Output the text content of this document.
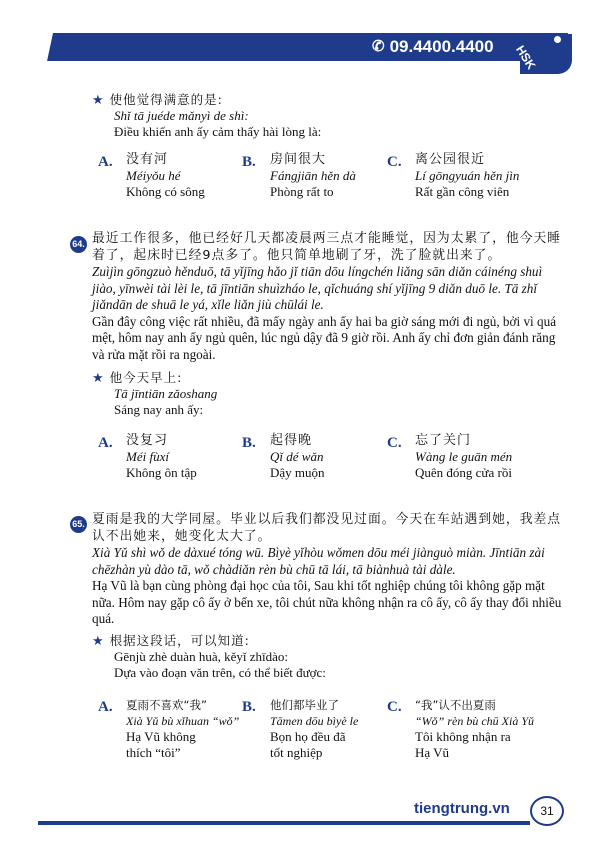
✆ 09.4400.4400 HSK
★ 使他觉得满意的是:
Shǐ tā juéde mǎnyì de shì:
Điều khiến anh ấy cảm thấy hài lòng là:
A. 没有河
Méiyǒu hé
Không có sông
B. 房间很大
Fángjiān hěn dà
Phòng rất to
C. 离公园很近
Lí gōngyuán hěn jìn
Rất gần công viên
64. 最近工作很多，他已经好几天都凌晨两三点才能睡觉，因为太累了，他今天睡着了，起床时已经9点多了。他只简单地刷了牙，洗了脸就出来了。
Zuìjìn gōngzuò hěnduō, tā yǐjīng hǎo jǐ tiān dōu língchén liǎng sān diǎn cáinéng shuì jiào, yīnwèi tài lèi le, tā jīntiān shuìzháo le, qǐchuáng shí yǐjīng 9 diǎn duō le. Tā zhǐ jiǎndān de shuā le yá, xǐle liǎn jiù chūlái le.
Gần đây công việc rất nhiều, đã mấy ngày anh ấy hai ba giờ sáng mới đi ngủ, bởi vì quá mệt, hôm nay anh ấy ngủ quên, lúc ngủ dậy đã 9 giờ rồi. Anh ấy chỉ đơn giản đánh răng và rửa mặt rồi ra ngoài.
★ 他今天早上:
Tā jīntiān zǎoshang
Sáng nay anh ấy:
A. 没复习
Méi fùxí
Không ôn tập
B. 起得晚
Qǐ dé wǎn
Dậy muộn
C. 忘了关门
Wàng le guān mén
Quên đóng cửa rồi
65. 夏雨是我的大学同屋。毕业以后我们都没见过面。今天在车站遇到她，我差点认不出她来，她变化太大了。
Xià Yǔ shì wǒ de dàxué tóng wū. Bìyè yǐhòu wǒmen dōu méi jiànguò miàn. Jīntiān zài chēzhàn yù dào tā, wǒ chàdiǎn rèn bù chū tā lái, tā biànhuà tài dàle.
Hạ Vũ là bạn cùng phòng đại học của tôi, Sau khi tốt nghiệp chúng tôi không gặp mặt nữa. Hôm nay gặp cô ấy ở bến xe, tôi chút nữa không nhận ra cô ấy, cô ấy thay đổi nhiều quá.
★ 根据这段话，可以知道:
Gēnjù zhè duàn huà, kěyǐ zhīdào:
Dựa vào đoạn văn trên, có thể biết được:
A. 夏雨不喜欢“我”
Xià Yǔ bù xǐhuan “wǒ”
Hạ Vũ không
thích “tôi”
B. 他们都毕业了
Tāmen dōu bìyè le
Bọn họ đều đã
tốt nghiệp
C. “我”认不出夏雨
“Wǒ” rèn bù chū Xià Yǔ
Tôi không nhận ra
Hạ Vũ
tiengtrung.vn	31
